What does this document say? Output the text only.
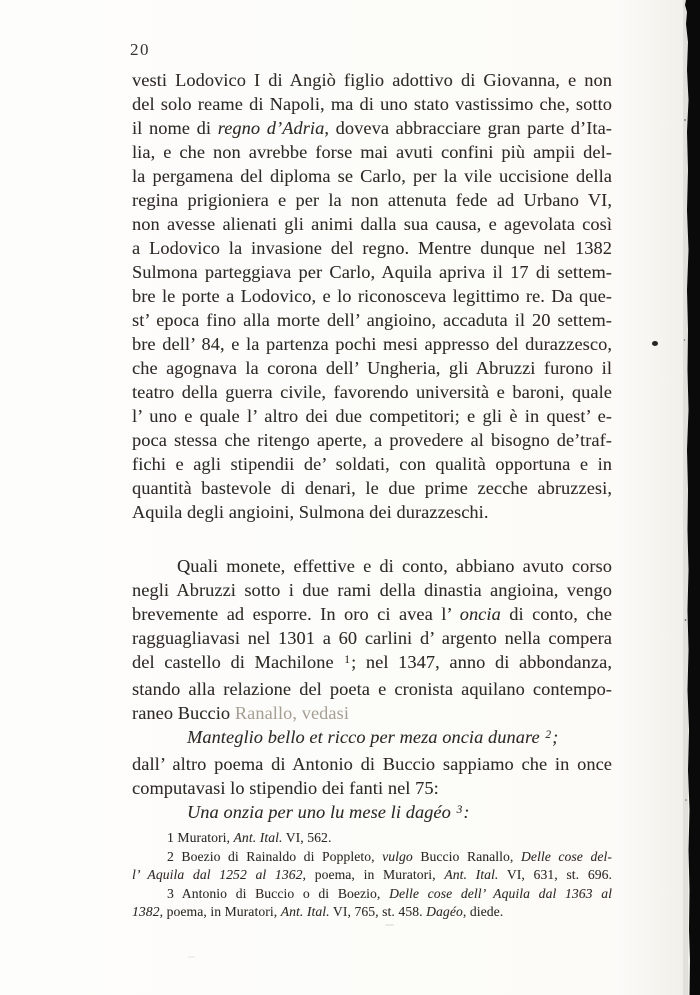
20
vesti Lodovico I di Angiò figlio adottivo di Giovanna, e non
del solo reame di Napoli, ma di uno stato vastissimo che, sotto
il nome di regno d’Adria, doveva abbracciare gran parte d’Ita-
lia, e che non avrebbe forse mai avuti confini più ampii del-
la pergamena del diploma se Carlo, per la vile uccisione della
regina prigioniera e per la non attenuta fede ad Urbano VI,
non avesse alienati gli animi dalla sua causa, e agevolata così
a Lodovico la invasione del regno. Mentre dunque nel 1382
Sulmona parteggiava per Carlo, Aquila apriva il 17 di settem-
bre le porte a Lodovico, e lo riconosceva legittimo re. Da que-
st’ epoca fino alla morte dell’ angioino, accaduta il 20 settem-
bre dell’ 84, e la partenza pochi mesi appresso del durazzesco,
che agognava la corona dell’ Ungheria, gli Abruzzi furono il
teatro della guerra civile, favorendo università e baroni, quale
l’ uno e quale l’ altro dei due competitori; e gli è in quest’ e-
poca stessa che ritengo aperte, a provedere al bisogno de’traf-
fichi e agli stipendii de’ soldati, con qualità opportuna e in
quantità bastevole di denari, le due prime zecche abruzzesi,
Aquila degli angioini, Sulmona dei durazzeschi.
Quali monete, effettive e di conto, abbiano avuto corso
negli Abruzzi sotto i due rami della dinastia angioina, vengo
brevemente ad esporre. In oro ci avea l’ oncia di conto, che
ragguagliavasi nel 1301 a 60 carlini d’ argento nella compera
del castello di Machilone $^1$; nel 1347, anno di abbondanza,
stando alla relazione del poeta e cronista aquilano contempo-
raneo Buccio Ranallo, vedasi
Manteglio bello et ricco per meza oncia dunare $^2$;
dall’ altro poema di Antonio di Buccio sappiamo che in once
computavasi lo stipendio dei fanti nel 75:
Una onzia per uno lu mese li dagéo $^3$:
1 Muratori, Ant. Ital. VI, 562.
2 Boezio di Rainaldo di Poppleto, vulgo Buccio Ranallo, Delle cose del-
l’ Aquila dal 1252 al 1362, poema, in Muratori, Ant. Ital. VI, 631, st. 696.
3 Antonio di Buccio o di Boezio, Delle cose dell’ Aquila dal 1363 al
1382, poema, in Muratori, Ant. Ital. VI, 765, st. 458. Dagéo, diede.
